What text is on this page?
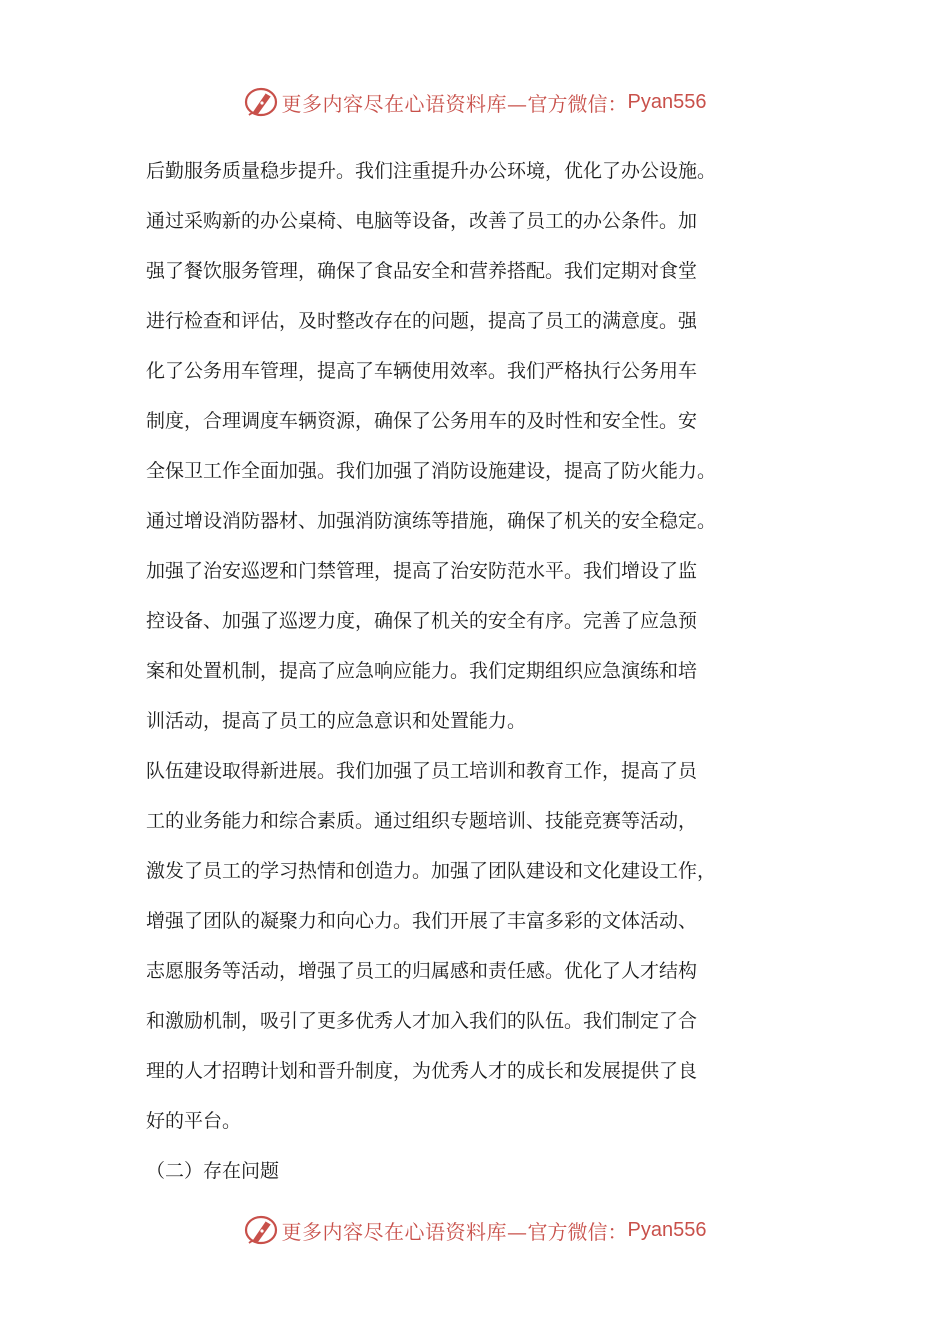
更多内容尽在心语资料库— 官方微信： Pyan556
后勤服务质量稳步提升。我们注重提升办公环境，优化了办公设施。
通过采购新的办公桌椅、电脑等设备，改善了员工的办公条件。加
强了餐饮服务管理，确保了食品安全和营养搭配。我们定期对食堂
进行检查和评估，及时整改存在的问题，提高了员工的满意度。强
化了公务用车管理，提高了车辆使用效率。我们严格执行公务用车
制度，合理调度车辆资源，确保了公务用车的及时性和安全性。安
全保卫工作全面加强。我们加强了消防设施建设，提高了防火能力。
通过增设消防器材、加强消防演练等措施，确保了机关的安全稳定。
加强了治安巡逻和门禁管理，提高了治安防范水平。我们增设了监
控设备、加强了巡逻力度，确保了机关的安全有序。完善了应急预
案和处置机制，提高了应急响应能力。我们定期组织应急演练和培
训活动，提高了员工的应急意识和处置能力。
队伍建设取得新进展。我们加强了员工培训和教育工作，提高了员
工的业务能力和综合素质。通过组织专题培训、技能竞赛等活动，
激发了员工的学习热情和创造力。加强了团队建设和文化建设工作，
增强了团队的凝聚力和向心力。我们开展了丰富多彩的文体活动、
志愿服务等活动，增强了员工的归属感和责任感。优化了人才结构
和激励机制，吸引了更多优秀人才加入我们的队伍。我们制定了合
理的人才招聘计划和晋升制度，为优秀人才的成长和发展提供了良
好的平台。
（二）存在问题
更多内容尽在心语资料库— 官方微信： Pyan556
